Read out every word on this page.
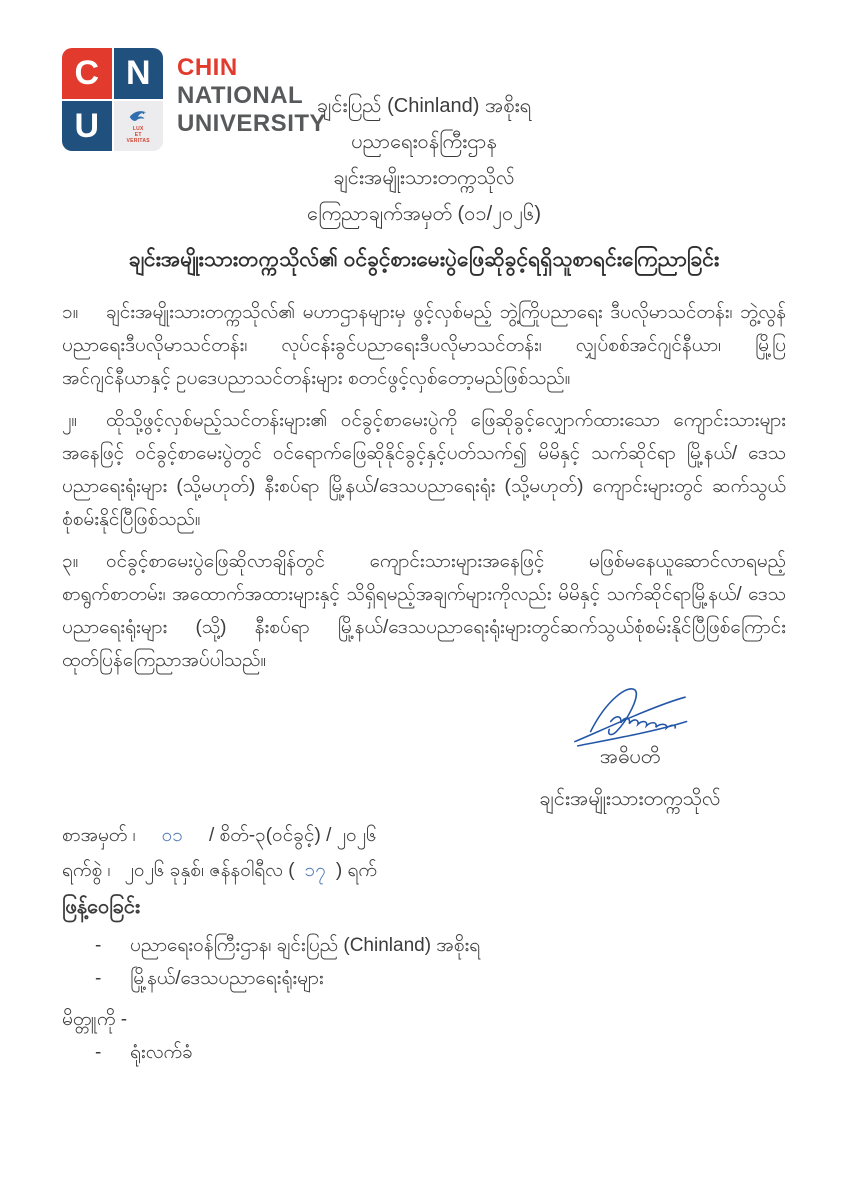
C N
U	LUX
ET
VERITAS
CHIN
NATIONAL
UNIVERSITY
ချင်းပြည် (Chinland) အစိုးရ
ပညာရေးဝန်ကြီးဌာန
ချင်းအမျိုးသားတက္ကသိုလ်
ကြေညာချက်အမှတ် (၀၁/၂၀၂၆)
ချင်းအမျိုးသားတက္ကသိုလ်၏ ဝင်ခွင့်စားမေးပွဲဖြေဆိုခွင့်ရရှိသူစာရင်းကြေညာခြင်း

၁။ ချင်းအမျိုးသားတက္ကသိုလ်၏ မဟာဌာနများမှ ဖွင့်လှစ်မည့် ဘွဲ့ကြိုပညာရေး ဒီပလိုမာသင်တန်း၊ ဘွဲ့လွန် ပညာရေးဒီပလိုမာသင်တန်း၊ လုပ်ငန်းခွင်ပညာရေးဒီပလိုမာသင်တန်း၊ လျှပ်စစ်အင်ဂျင်နီယာ၊ မြို့ပြ အင်ဂျင်နီယာနှင့် ဥပဒေပညာသင်တန်းများ စတင်ဖွင့်လှစ်တော့မည်ဖြစ်သည်။

၂။ ထိုသို့ဖွင့်လှစ်မည့်သင်တန်းများ၏ ဝင်ခွင့်စာမေးပွဲကို ဖြေဆိုခွင့်လျှောက်ထားသော ကျောင်းသားများ အနေဖြင့် ဝင်ခွင့်စာမေးပွဲတွင် ဝင်ရောက်ဖြေဆိုနိုင်ခွင့်နှင့်ပတ်သက်၍ မိမိနှင့် သက်ဆိုင်ရာ မြို့နယ်/ ဒေသပညာရေးရုံးများ (သို့မဟုတ်) နီးစပ်ရာ မြို့နယ်/ဒေသပညာရေးရုံး (သို့မဟုတ်) ကျောင်းများတွင် ဆက်သွယ်စုံစမ်းနိုင်ပြီဖြစ်သည်။

၃။ ဝင်ခွင့်စာမေးပွဲဖြေဆိုလာချိန်တွင် ကျောင်းသားများအနေဖြင့် မဖြစ်မနေယူဆောင်လာရမည့် စာရွက်စာတမ်း၊ အထောက်အထားများနှင့် သိရှိရမည့်အချက်များကိုလည်း မိမိနှင့် သက်ဆိုင်ရာမြို့နယ်/ ဒေသပညာရေးရုံးများ (သို့) နီးစပ်ရာ မြို့နယ်/ဒေသပညာရေးရုံးများတွင်ဆက်သွယ်စုံစမ်းနိုင်ပြီဖြစ်ကြောင်း ထုတ်ပြန်ကြေညာအပ်ပါသည်။

အဓိပတိ
ချင်းအမျိုးသားတက္ကသိုလ်
စာအမှတ် ၊ ၀၁ / စိတ်-၃(ဝင်ခွင့်) / ၂၀၂၆
ရက်စွဲ ၊ ၂၀၂၆ ခုနှစ်၊ ဇန်နဝါရီလ ( ၁၇ ) ရက်
ဖြန့်ဝေခြင်း
- ပညာရေးဝန်ကြီးဌာန၊ ချင်းပြည် (Chinland) အစိုးရ
- မြို့နယ်/ဒေသပညာရေးရုံးများ
မိတ္တူကို -
- ရုံးလက်ခံ
